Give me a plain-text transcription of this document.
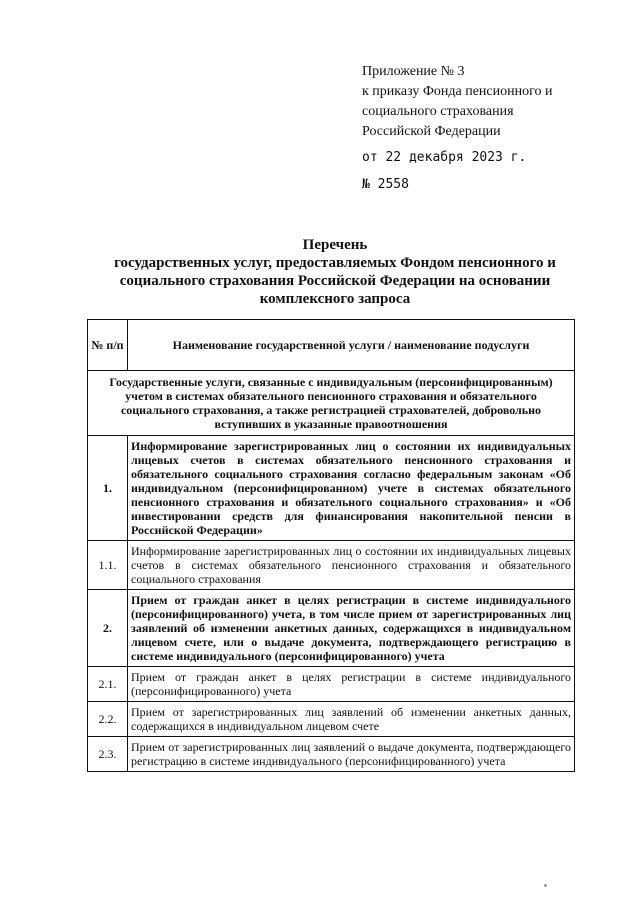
Приложение № 3
к приказу Фонда пенсионного и
социального страхования
Российской Федерации
от 22 декабря 2023 г.
№ 2558
Перечень
государственных услуг, предоставляемых Фондом пенсионного и
социального страхования Российской Федерации на основании
комплексного запроса
№ п/п	Наименование государственной услуги / наименование подуслуги
Государственные услуги, связанные с индивидуальным (персонифицированным) учетом в системах обязательного пенсионного страхования и обязательного социального страхования, а также регистрацией страхователей, добровольно вступивших в указанные правоотношения	
1.	Информирование зарегистрированных лиц о состоянии их индивидуальных лицевых счетов в системах обязательного пенсионного страхования и обязательного социального страхования согласно федеральным законам «Об индивидуальном (персонифицированном) учете в системах обязательного пенсионного страхования и обязательного социального страхования» и «Об инвестировании средств для финансирования накопительной пенсии в Российской Федерации»
1.1.	Информирование зарегистрированных лиц о состоянии их индивидуальных лицевых счетов в системах обязательного пенсионного страхования и обязательного социального страхования
2.	Прием от граждан анкет в целях регистрации в системе индивидуального (персонифицированного) учета, в том числе прием от зарегистрированных лиц заявлений об изменении анкетных данных, содержащихся в индивидуальном лицевом счете, или о выдаче документа, подтверждающего регистрацию в системе индивидуального (персонифицированного) учета
2.1.	Прием от граждан анкет в целях регистрации в системе индивидуального (персонифицированного) учета
2.2.	Прием от зарегистрированных лиц заявлений об изменении анкетных данных, содержащихся в индивидуальном лицевом счете
2.3.	Прием от зарегистрированных лиц заявлений о выдаче документа, подтверждающего регистрацию в системе индивидуального (персонифицированного) учета
